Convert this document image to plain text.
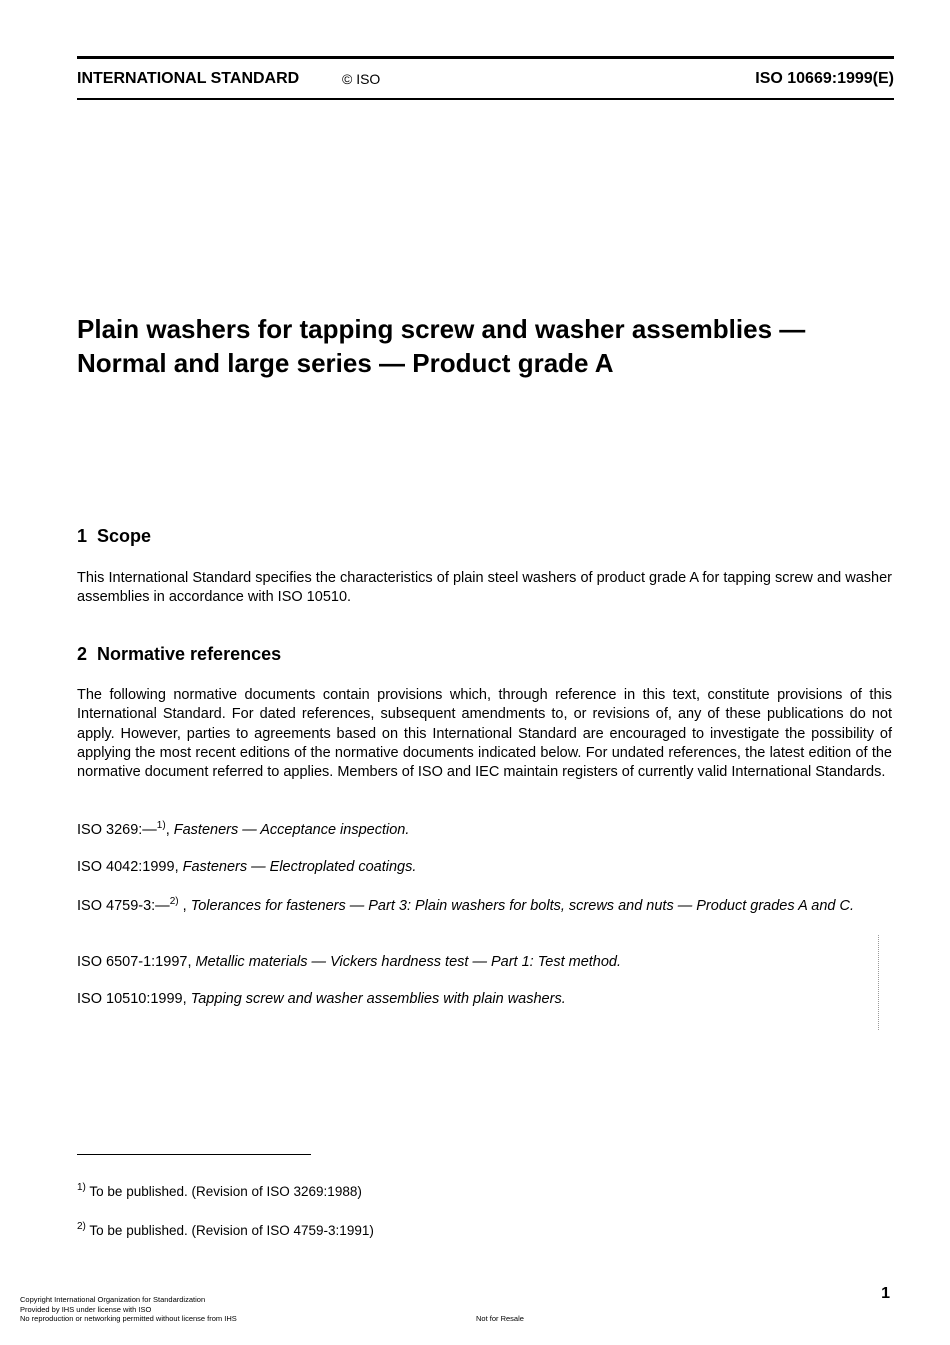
INTERNATIONAL STANDARD	© ISO	ISO 10669:1999(E)
Plain washers for tapping screw and washer assemblies —
Normal and large series — Product grade A
1 Scope

This International Standard specifies the characteristics of plain steel washers of product grade A for tapping screw and washer assemblies in accordance with ISO 10510.

2 Normative references

The following normative documents contain provisions which, through reference in this text, constitute provisions of this International Standard. For dated references, subsequent amendments to, or revisions of, any of these publications do not apply. However, parties to agreements based on this International Standard are encouraged to investigate the possibility of applying the most recent editions of the normative documents indicated below. For undated references, the latest edition of the normative document referred to applies. Members of ISO and IEC maintain registers of currently valid International Standards.

ISO 3269:—$^{1)}$, Fasteners — Acceptance inspection.

ISO 4042:1999, Fasteners — Electroplated coatings.

ISO 4759-3:—$^{2)}$ , Tolerances for fasteners — Part 3: Plain washers for bolts, screws and nuts — Product grades A and C.

ISO 6507-1:1997, Metallic materials — Vickers hardness test — Part 1: Test method.

ISO 10510:1999, Tapping screw and washer assemblies with plain washers.

$^{1)}$ To be published. (Revision of ISO 3269:1988)

$^{2)}$ To be published. (Revision of ISO 4759-3:1991)

1
Copyright International Organization for Standardization
Provided by IHS under license with ISO
No reproduction or networking permitted without license from IHS	Not for Resale
